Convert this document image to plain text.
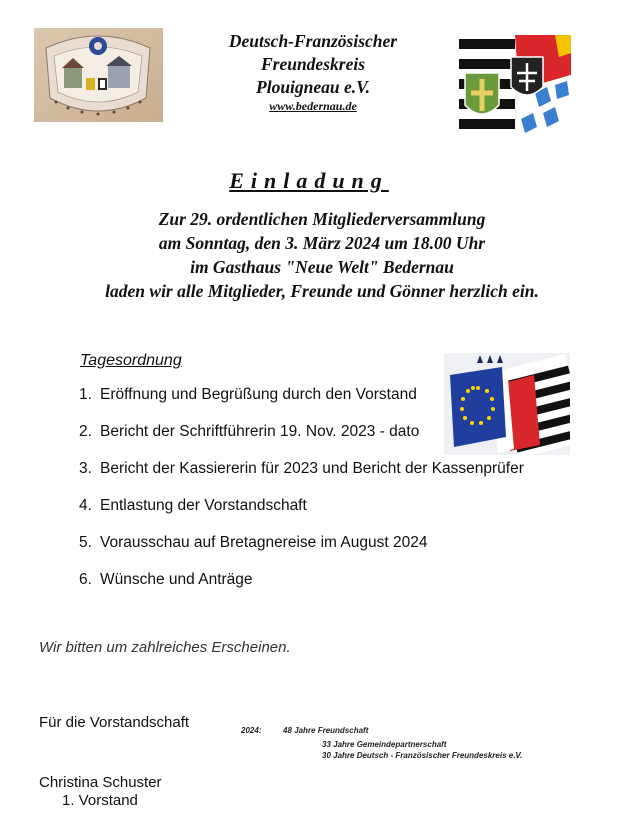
Deutsch-Französischer
Freundeskreis
Plouigneau e.V.
www.bedernau.de
Einladung
Zur 29. ordentlichen Mitgliederversammlung
am Sonntag, den 3. März 2024 um 18.00 Uhr
im Gasthaus "Neue Welt" Bedernau
laden wir alle Mitglieder, Freunde und Gönner herzlich ein.
Tagesordnung
1. Eröffnung und Begrüßung durch den Vorstand
2. Bericht der Schriftführerin 19. Nov. 2023 - dato
3. Bericht der Kassiererin für 2023 und Bericht der Kassenprüfer
4. Entlastung der Vorstandschaft
5. Vorausschau auf Bretagnereise im August 2024
6. Wünsche und Anträge
Wir bitten um zahlreiches Erscheinen.
Für die Vorstandschaft	2024:	48 Jahre Freundschaft
33 Jahre Gemeindepartnerschaft
30 Jahre Deutsch - Französischer Freundeskreis e.V.
Christina Schuster
1. Vorstand
